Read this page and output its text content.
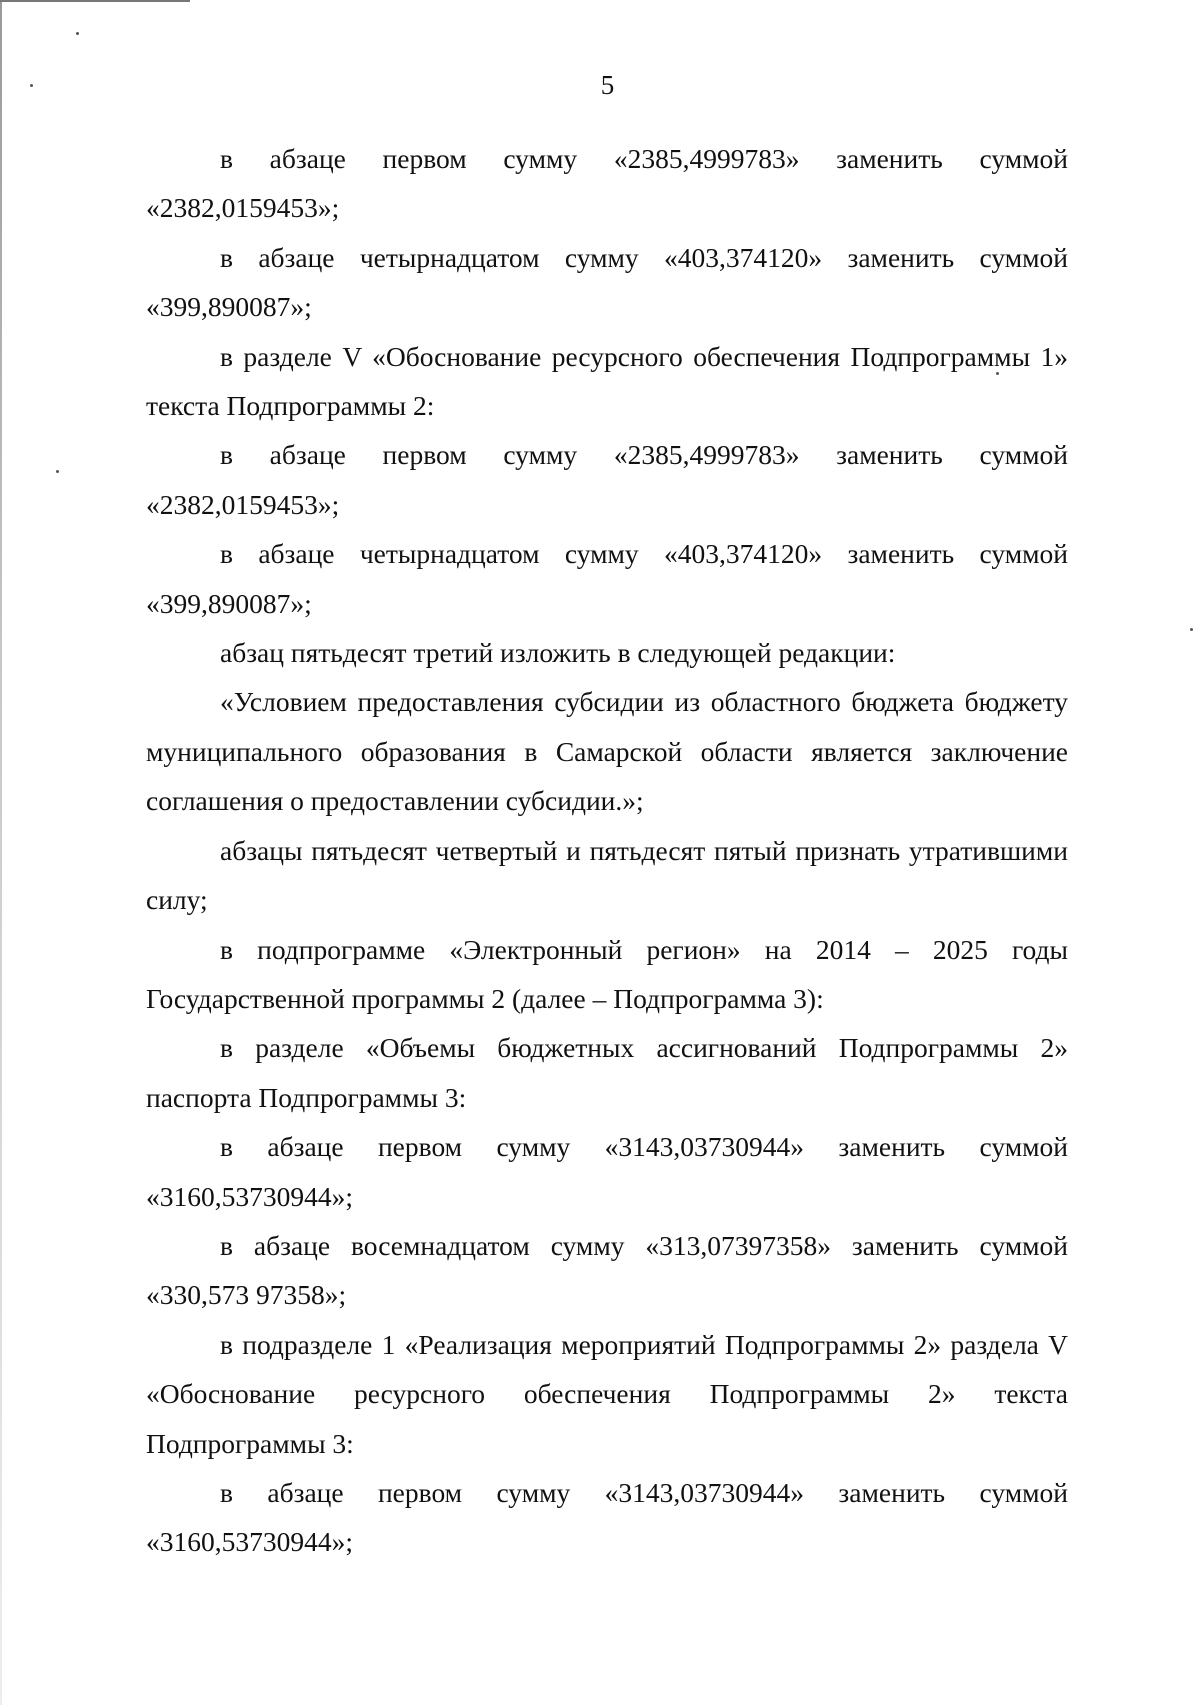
5

в абзаце первом сумму «2385,4999783» заменить суммой «2382,0159453»;

в абзаце четырнадцатом сумму «403,374120» заменить суммой «399,890087»;

в разделе V «Обоснование ресурсного обеспечения Подпрограммы 1» текста Подпрограммы 2:

в абзаце первом сумму «2385,4999783» заменить суммой «2382,0159453»;

в абзаце четырнадцатом сумму «403,374120» заменить суммой «399,890087»;

абзац пятьдесят третий изложить в следующей редакции:

«Условием предоставления субсидии из областного бюджета бюджету муниципального образования в Самарской области является заключение соглашения о предоставлении субсидии.»;

абзацы пятьдесят четвертый и пятьдесят пятый признать утратившими силу;

в подпрограмме «Электронный регион» на 2014 – 2025 годы Государственной программы 2 (далее – Подпрограмма 3):

в разделе «Объемы бюджетных ассигнований Подпрограммы 2» паспорта Подпрограммы 3:

в абзаце первом сумму «3143,03730944» заменить суммой «3160,53730944»;

в абзаце восемнадцатом сумму «313,07397358» заменить суммой «330,573 97358»;

в подразделе 1 «Реализация мероприятий Подпрограммы 2» раздела V «Обоснование ресурсного обеспечения Подпрограммы 2» текста Подпрограммы 3:

в абзаце первом сумму «3143,03730944» заменить суммой «3160,53730944»;
